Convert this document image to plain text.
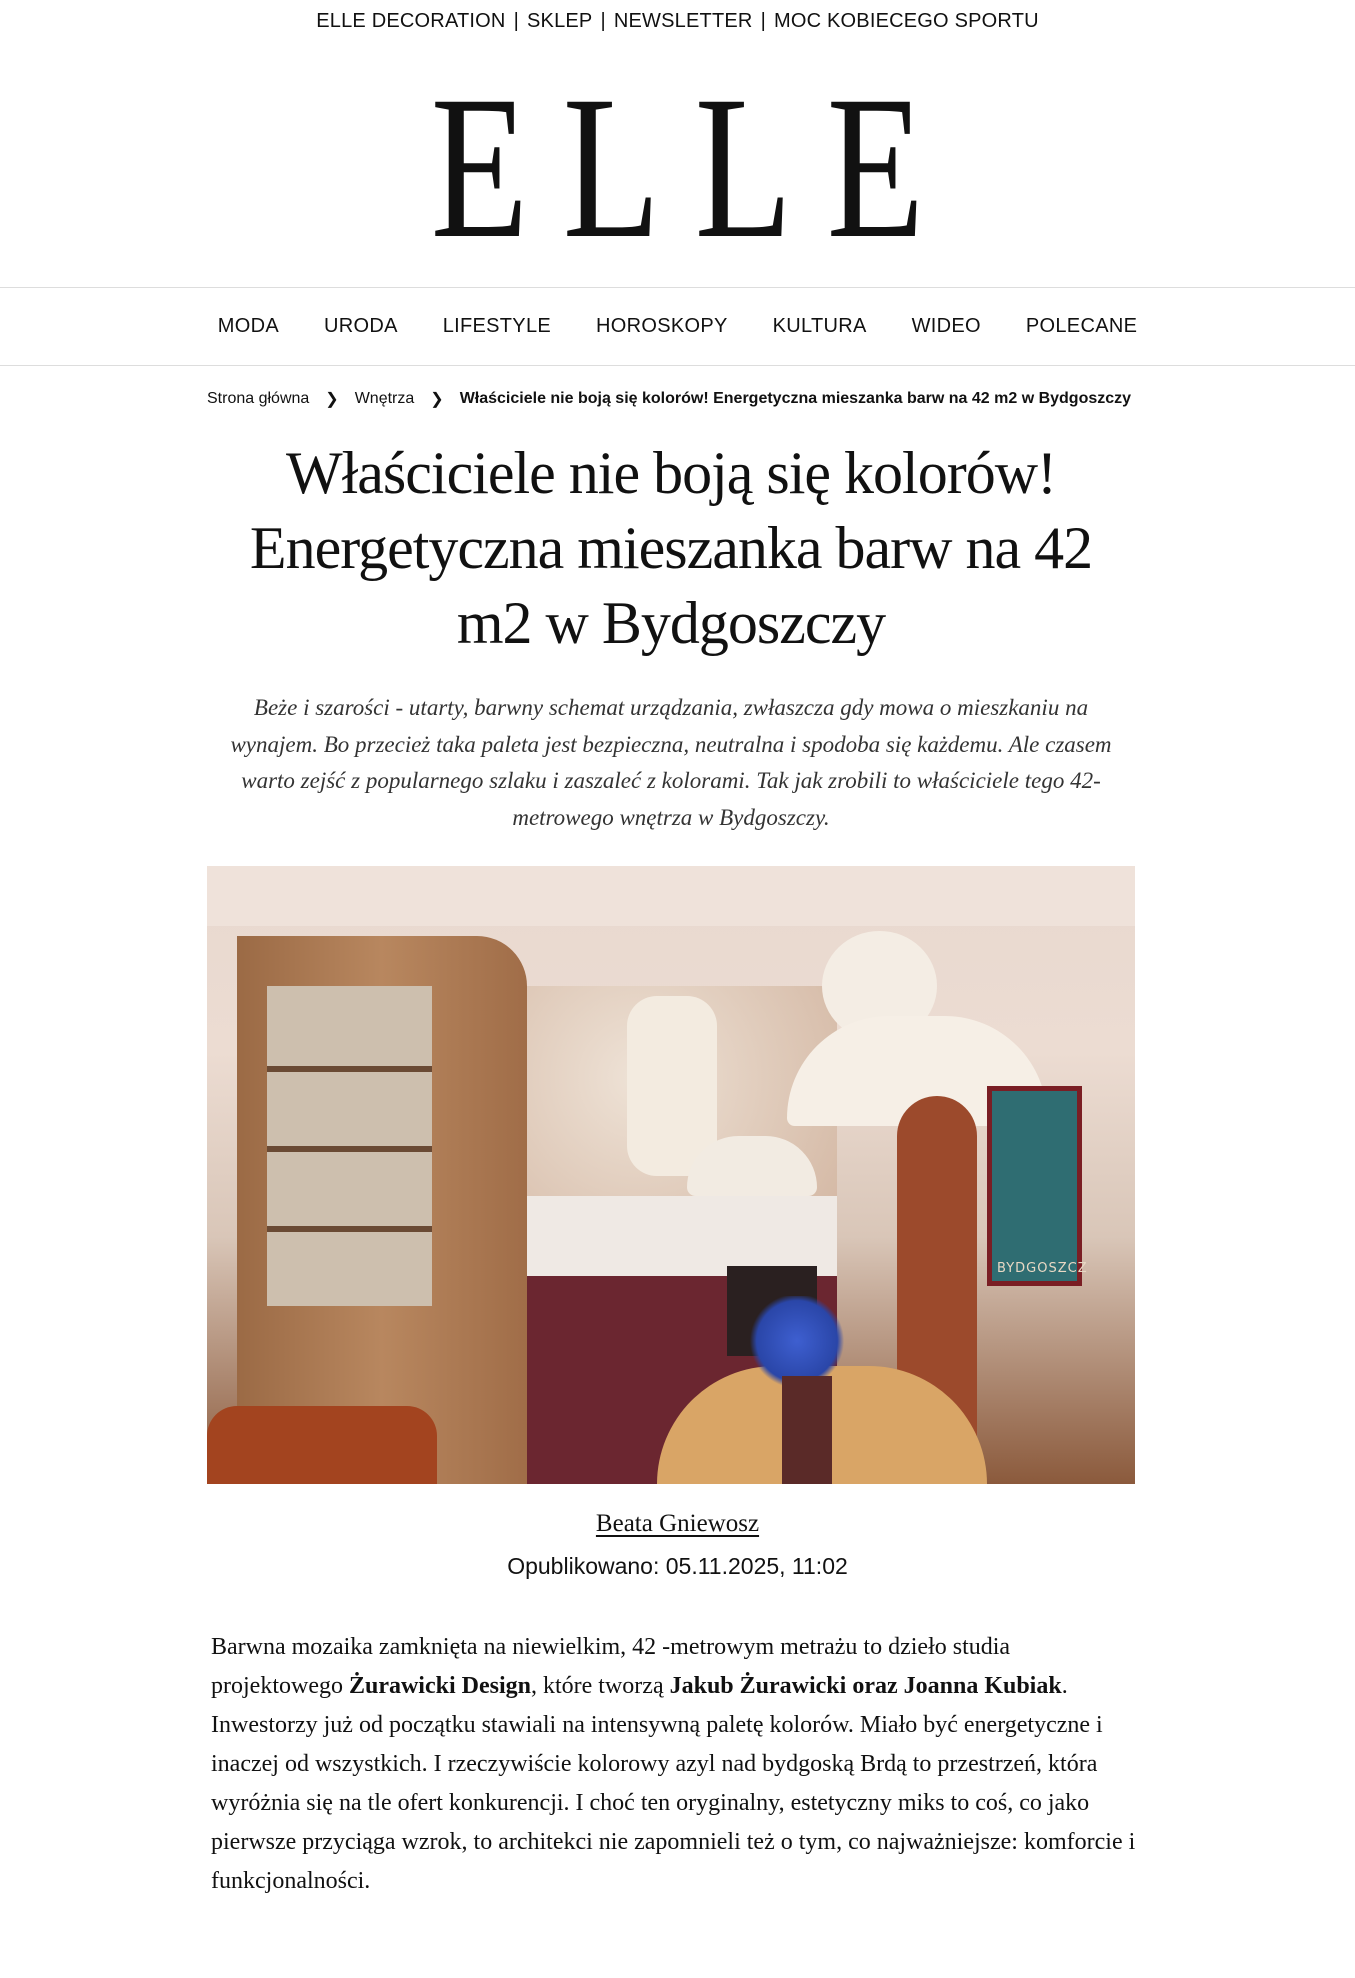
ELLE DECORATION | SKLEP | NEWSLETTER | MOC KOBIECEGO SPORTU
ELLE
MODA URODA LIFESTYLE HOROSKOPY KULTURA WIDEO POLECANE
Strona główna ❯ Wnętrza ❯ Właściciele nie boją się kolorów! Energetyczna mieszanka barw na 42 m2 w Bydgoszczy
Właściciele nie boją się kolorów! Energetyczna mieszanka barw na 42 m2 w Bydgoszczy

Beże i szarości - utarty, barwny schemat urządzania, zwłaszcza gdy mowa o mieszkaniu na wynajem. Bo przecież taka paleta jest bezpieczna, neutralna i spodoba się każdemu. Ale czasem warto zejść z popularnego szlaku i zaszaleć z kolorami. Tak jak zrobili to właściciele tego 42-metrowego wnętrza w Bydgoszczy.

BYDGOSZCZ
Beata Gniewosz
Opublikowano: 05.11.2025, 11:02

Barwna mozaika zamknięta na niewielkim, 42 -metrowym metrażu to dzieło studia projektowego Żurawicki Design, które tworzą Jakub Żurawicki oraz Joanna Kubiak. Inwestorzy już od początku stawiali na intensywną paletę kolorów. Miało być energetyczne i inaczej od wszystkich. I rzeczywiście kolorowy azyl nad bydgoską Brdą to przestrzeń, która wyróżnia się na tle ofert konkurencji. I choć ten oryginalny, estetyczny miks to coś, co jako pierwsze przyciąga wzrok, to architekci nie zapomnieli też o tym, co najważniejsze: komforcie i funkcjonalności.
